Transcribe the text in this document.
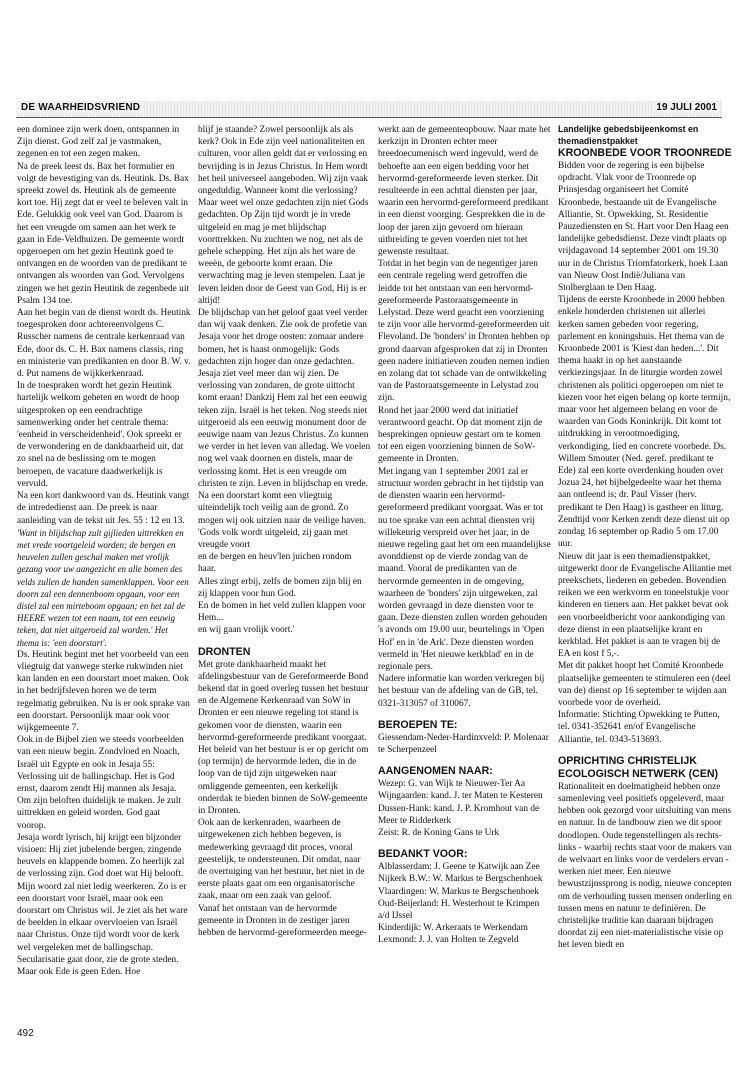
DE WAARHEIDSVRIEND	19 JULI 2001

een dominee zijn werk doen, ontspannen in Zijn dienst. God zelf zal je vastmaken, zegenen en tot een zegen maken.

Na de preek leest ds. Bax het formulier en volgt de bevestiging van ds. Heutink. Ds. Bax spreekt zowel ds. Heutink als de gemeente kort toe. Hij zegt dat er veel te beleven valt in Ede. Gelukkig ook veel van God. Daarom is het een vreugde om samen aan het werk te gaan in Ede-Veldhuizen. De gemeente wordt opgeroepen om het gezin Heutink goed te ontvangen en de woorden van de predikant te ontvangen als woorden van God. Vervolgens zingen we het gezin Heutink de zegenbede uit Psalm 134 toe.

Aan het begin van de dienst wordt ds. Heutink toegesproken door achtereenvolgens C. Russcher namens de centrale kerkenraad van Ede, door ds. C. H. Bax namens classis, ring en ministerie van predikanten en door B. W. v. d. Put namens de wijkkerkenraad.

In de toespraken wordt het gezin Heutink hartelijk welkom geheten en wordt de hoop uitgesproken op een eendrachtige samenwerking onder het centrale thema: 'eenheid in verscheidenheid'. Ook spreekt er de verwondering en de dankbaarheid uit, dat zo snel na de beslissing om te mogen beroepen, de vacature daadwerkelijk is vervuld.

Na een kort dankwoord van ds. Heutink vangt de intrededienst aan. De preek is naar aanleiding van de tekst uit Jes. 55 : 12 en 13.

'Want in blijdschap zult gijlieden uittrekken en met vrede voortgeleid worden; de bergen en heuvelen zullen geschal maken met vrolijk gezang voor uw aangezicht en alle bomen des velds zullen de handen samenklappen. Voor een doorn zal een dennenboom opgaan, voor een distel zal een mirteboom opgaan; en het zal de HEERE wezen tot een naam, tot een eeuwig teken, dat niet uitgeroeid zal worden.' Het thema is: 'een doorstart'.

Ds. Heutink begint met het voorbeeld van een vliegtuig dat vanwege sterke rukwinden niet kan landen en een doorstart moet maken. Ook in het bedrijfsleven horen we de term regelmatig gebruiken. Nu is er ook sprake van een doorstart. Persoonlijk maar ook voor wijkgemeente 7.

Ook in de Bijbel zien we steeds voorbeelden van een nieuw begin. Zondvloed en Noach, Israël uit Egypte en ook in Jesaja 55: Verlossing uit de ballingschap. Het is God ernst, daarom zendt Hij mannen als Jesaja. Om zijn beloften duidelijk te maken. Je zult uittrekken en geleid worden. God gaat voorop.

Jesaja wordt lyrisch, hij krijgt een bijzonder visioen: Hij ziet jubelende bergen, zingende heuvels en klappende bomen. Zo heerlijk zal de verlossing zijn. God doet wat Hij belooft. Mijn woord zal niet ledig weerkeren. Zo is er een doorstart voor Israël, maar ook een doorstart om Christus wil. Je ziet als het ware de beelden in elkaar overvloeien van Israël naar Christus. Onze tijd wordt voor de kerk wel vergeleken met de ballingschap. Secularisatie gaat door, zie de grote steden. Maar ook Ede is geen Eden. Hoe

blijf je staande? Zowel persoonlijk als als kerk? Ook in Ede zijn veel nationaliteiten en culturen, voor allen geldt dat er verlossing en bevrijding is in Jezus Christus. In Hem wordt het heil universeel aangeboden. Wij zijn vaak ongeduldig. Wanneer komt die verlossing? Maar weet wel onze gedachten zijn niet Gods gedachten. Op Zijn tijd wordt je in vrede uitgeleid en mag je met blijdschap voorttrekken. Nu zuchten we nog, net als de gehele schepping. Het zijn als het ware de weeën, de geboorte komt eraan. Die verwachting mag je leven stempelen. Laat je leven leiden door de Geest van God, Hij is er altijd!

De blijdschap van het geloof gaat veel verder dan wij vaak denken. Zie ook de profetie van Jesaja voor het droge oosten: zomaar andere bomen, het is haast onmogelijk: Gods gedachten zijn hoger dan onze gedachten. Jesaja ziet veel meer dan wij zien. De verlossing van zondaren, de grote uittocht komt eraan! Dankzij Hem zal het een eeuwig teken zijn. Israël is het teken. Nog steeds niet uitgeroeid als een eeuwig monument door de eeuwige naam van Jezus Christus. Zo kunnen we verder in het leven van alledag. We voelen nog wel vaak doornen en distels, maar de verlossing komt. Het is een vreugde om christen te zijn. Leven in blijdschap en vrede. Na een doorstart komt een vliegtuig uiteindelijk toch veilig aan de grond. Zo mogen wij ook uitzien naar de veilige haven.

'Gods volk wordt uitgeleid, zij gaan met vreugde voort

en de bergen en heuv'len juichen rondom haar.

Alles zingt erbij, zelfs de bomen zijn blij en zij klappen voor hun God.

En de bomen in het veld zullen klappen voor Hem...

en wij gaan vrolijk voort.'

DRONTEN

Met grote dankbaarheid maakt het afdelingsbestuur van de Gereformeerde Bond bekend dat in goed overleg tussen het bestuur en de Algemene Kerkenraad van SoW in Dronten er een nieuwe regeling tot stand is gekomen voor de diensten, waarin een hervormd-gereformeerde predikant voorgaat. Het beleid van het bestuur is er op gericht om (op termijn) de hervormde leden, die in de loop van de tijd zijn uitgeweken naar omliggende gemeenten, een kerkelijk onderdak te bieden binnen de SoW-gemeente in Dronten.

Ook aan de kerkenraden, waarheen de uitgewekenen zich hebben begeven, is medewerking gevraagd dit proces, vooral geestelijk, te ondersteunen. Dit omdat, naar de overtuiging van het bestuur, het niet in de eerste plaats gaat om een organisatorische zaak, maar om een zaak van geloof.

Vanaf het ontstaan van de hervormde gemeente in Dronten in de zestiger jaren hebben de hervormd-gereformeerden meege-

werkt aan de gemeenteopbouw. Naar mate het kerkzijn in Dronten echter meer breedoecumenisch werd ingevuld, werd de behoefte aan een eigen bedding voor het hervormd-gereformeerde leven sterker. Dit resulteerde in een achttal diensten per jaar, waarin een hervormd-gereformeerd predikant in een dienst voorging. Gesprekken die in de loop der jaren zijn gevoerd om hieraan uitbreiding te geven voerden niet tot het gewenste resultaat.

Totdat in het begin van de negentiger jaren een centrale regeling werd getroffen die leidde tot het ontstaan van een hervormd-gereformeerde Pastoraatsgemeente in Lelystad. Deze werd geacht een voorziening te zijn voor alle hervormd-gereformeerden uit Flevoland. De 'bonders' in Dronten hebben op grond daarvan afgesproken dat zij in Dronten geen nadere initiatieven zouden nemen indien en zolang dat tot schade van de ontwikkeling van de Pastoraatsgemeente in Lelystad zou zijn.

Rond het jaar 2000 werd dat initiatief verantwoord geacht. Op dat moment zijn de besprekingen opnieuw gestart om te komen tot een eigen voorziening binnen de SoW-gemeente in Dronten.

Met ingang van 1 september 2001 zal er structuur worden gebracht in het tijdstip van de diensten waarin een hervormd-gereformeerd predikant voorgaat. Was er tot nu toe sprake van een achttal diensten vrij willekeurig verspreid over het jaar, in de nieuwe regeling gaat het om een maandelijkse avonddienst op de vierde zondag van de maand. Vooral de predikanten van de hervormde gemeenten in de omgeving, waarheen de 'bonders' zijn uitgeweken, zal worden gevraagd in deze diensten voor te gaan. Deze diensten zullen worden gehouden 's avonds om 19.00 uur, beurtelings in 'Open Hof' en in 'de Ark'. Deze diensten worden vermeld in 'Het nieuwe kerkblad' en in de regionale pers.

Nadere informatie kan worden verkregen bij het bestuur van de afdeling van de GB, tel. 0321-313057 of 310067.

BEROEPEN TE:

Giessendam-Neder-Hardinxveld: P. Molenaar te Scherpenzeel

AANGENOMEN NAAR:

Wezep: G. van Wijk te Nieuwer-Ter Aa

Wijngaarden: kand. J. ter Maten te Kesteren

Dussen-Hank: kand. J. P. Kromhout van de Meer te Ridderkerk

Zeist: R. de Koning Gans te Urk

BEDANKT VOOR:

Alblasserdam: J. Geene te Katwijk aan Zee

Nijkerk B.W.: W. Markus te Bergschenhoek

Vlaardingen: W. Markus te Bergschenhoek

Oud-Beijerland: H. Westerhout te Krimpen a/d IJssel

Kinderdijk: W. Arkeraats te Werkendam

Lexmond: J. J. van Holten te Zegveld

Landelijke gebedsbijeenkomst en themadienstpakket

KROONBEDE VOOR TROONREDE

Bidden voor de regering is een bijbelse opdracht. Vlak voor de Troonrede op Prinsjesdag organiseert het Comité Kroonbede, bestaande uit de Evangelische Alliantie, St. Opwekking, St. Residentie Pauzediensten en St. Hart voor Den Haag een landelijke gebedsdienst. Deze vindt plaats op vrijdagavond 14 september 2001 om 19.30 uur in de Christus Triomfatorkerk, hoek Laan van Nieuw Oost Indië/Juliana van Stolberglaan te Den Haag.

Tijdens de eerste Kroonbede in 2000 hebben enkele honderden christenen uit allerlei kerken samen gebeden voor regering, parlement en koningshuis. Het thema van de Kroonbede 2001 is 'Kiest dan heden...'. Dit thema haakt in op het aanstaande verkiezingsjaar. In de liturgie worden zowel christenen als politici opgeroepen om niet te kiezen voor het eigen belang op korte termijn, maar voor het algemeen belang en voor de waarden van Gods Koninkrijk. Dit komt tot uitdrukking in verootmoediging, verkondiging, lied en concrete voorbede. Ds. Willem Smouter (Ned. geref. predikant te Ede) zal een korte overdenking houden over Jozua 24, het bijbelgedeelte waar het thema aan ontleend is; dr. Paul Visser (herv. predikant te Den Haag) is gastheer en liturg. Zendtijd voor Kerken zendt deze dienst uit op zondag 16 september op Radio 5 om 17.00 uur.

Nieuw dit jaar is een themadienstpakket, uitgewerkt door de Evangelische Alliantie met preekschets, liederen en gebeden. Bovendien reiken we een werkvorm en toneelstukje voor kinderen en tieners aan. Het pakket bevat ook een voorbeeldbericht voor aankondiging van deze dienst in een plaatselijke krant en kerkblad. Het pakket is aan te vragen bij de EA en kost f 5,-.

Met dit pakket hoopt het Comité Kroonbede plaatselijke gemeenten te stimuleren een (deel van de) dienst op 16 september te wijden aan voorbede voor de overheid.

Informatie: Stichting Opwekking te Putten, tel. 0341-352641 en/of Evangelische Alliantie, tel. 0343-513693.

OPRICHTING CHRISTELIJK ECOLOGISCH NETWERK (CEN)

Rationaliteit en doelmatigheid hebben onze samenleving veel positiefs opgeleverd, maar hebben ook gezorgd voor uitsluiting van mens en natuur. In de landbouw zien we dit spoor doodlopen. Oude tegenstellingen als rechts-links - waarbij rechts staat voor de makers van de welvaart en links voor de verdelers ervan - werken niet meer. Een nieuwe bewustzijnssprong is nodig, nieuwe concepten om de verhouding tussen mensen onderling en tussen mens en natuur te definiëren. De christelijke traditie kan daaraan bijdragen doordat zij een niet-materialistische visie op het leven biedt en

492
